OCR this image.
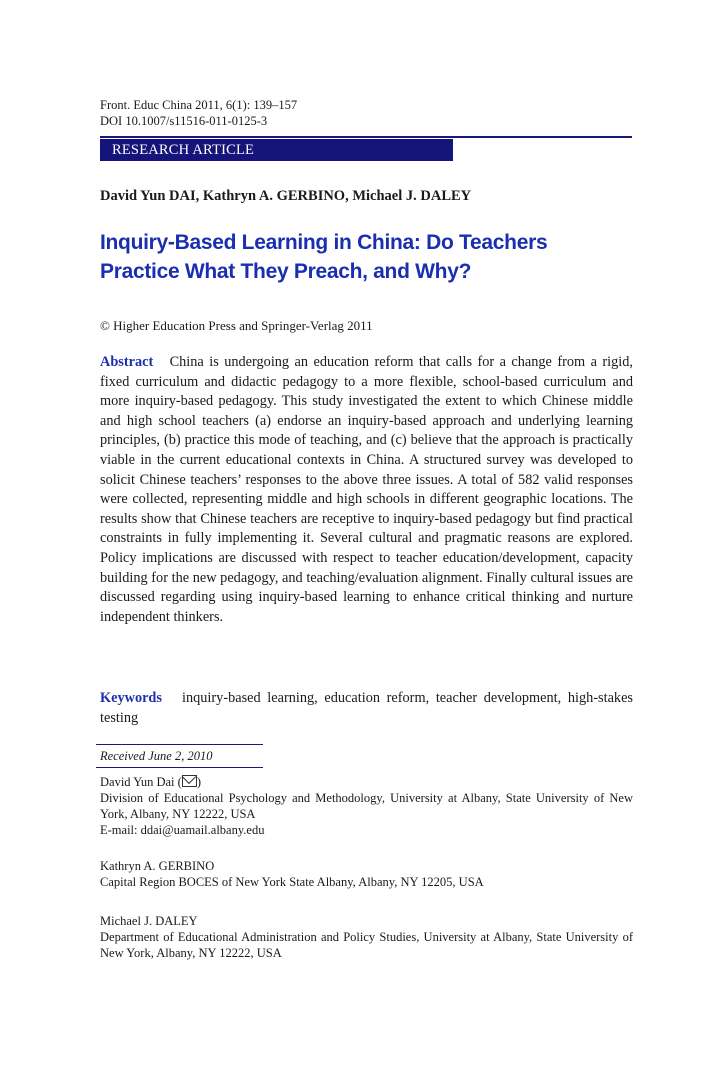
Front. Educ China 2011, 6(1): 139–157
DOI 10.1007/s11516-011-0125-3
RESEARCH ARTICLE
David Yun DAI, Kathryn A. GERBINO, Michael J. DALEY
Inquiry-Based Learning in China: Do Teachers
Practice What They Preach, and Why?
© Higher Education Press and Springer-Verlag 2011
Abstract China is undergoing an education reform that calls for a change from a rigid, fixed curriculum and didactic pedagogy to a more flexible, school-based curriculum and more inquiry-based pedagogy. This study investigated the extent to which Chinese middle and high school teachers (a) endorse an inquiry-based approach and underlying learning principles, (b) practice this mode of teaching, and (c) believe that the approach is practically viable in the current educational contexts in China. A structured survey was developed to solicit Chinese teachers’ responses to the above three issues. A total of 582 valid responses were collected, representing middle and high schools in different geographic locations. The results show that Chinese teachers are receptive to inquiry-based pedagogy but find practical constraints in fully implementing it. Several cultural and pragmatic reasons are explored. Policy implications are discussed with respect to teacher education/development, capacity building for the new pedagogy, and teaching/evaluation alignment. Finally cultural issues are discussed regarding using inquiry-based learning to enhance critical thinking and nurture independent thinkers.
Keywords inquiry-based learning, education reform, teacher development, high-stakes testing
Received June 2, 2010
David Yun Dai ( )
Division of Educational Psychology and Methodology, University at Albany, State University of New York, Albany, NY 12222, USA
E-mail: ddai@uamail.albany.edu
Kathryn A. GERBINO
Capital Region BOCES of New York State Albany, Albany, NY 12205, USA
Michael J. DALEY
Department of Educational Administration and Policy Studies, University at Albany, State University of New York, Albany, NY 12222, USA
